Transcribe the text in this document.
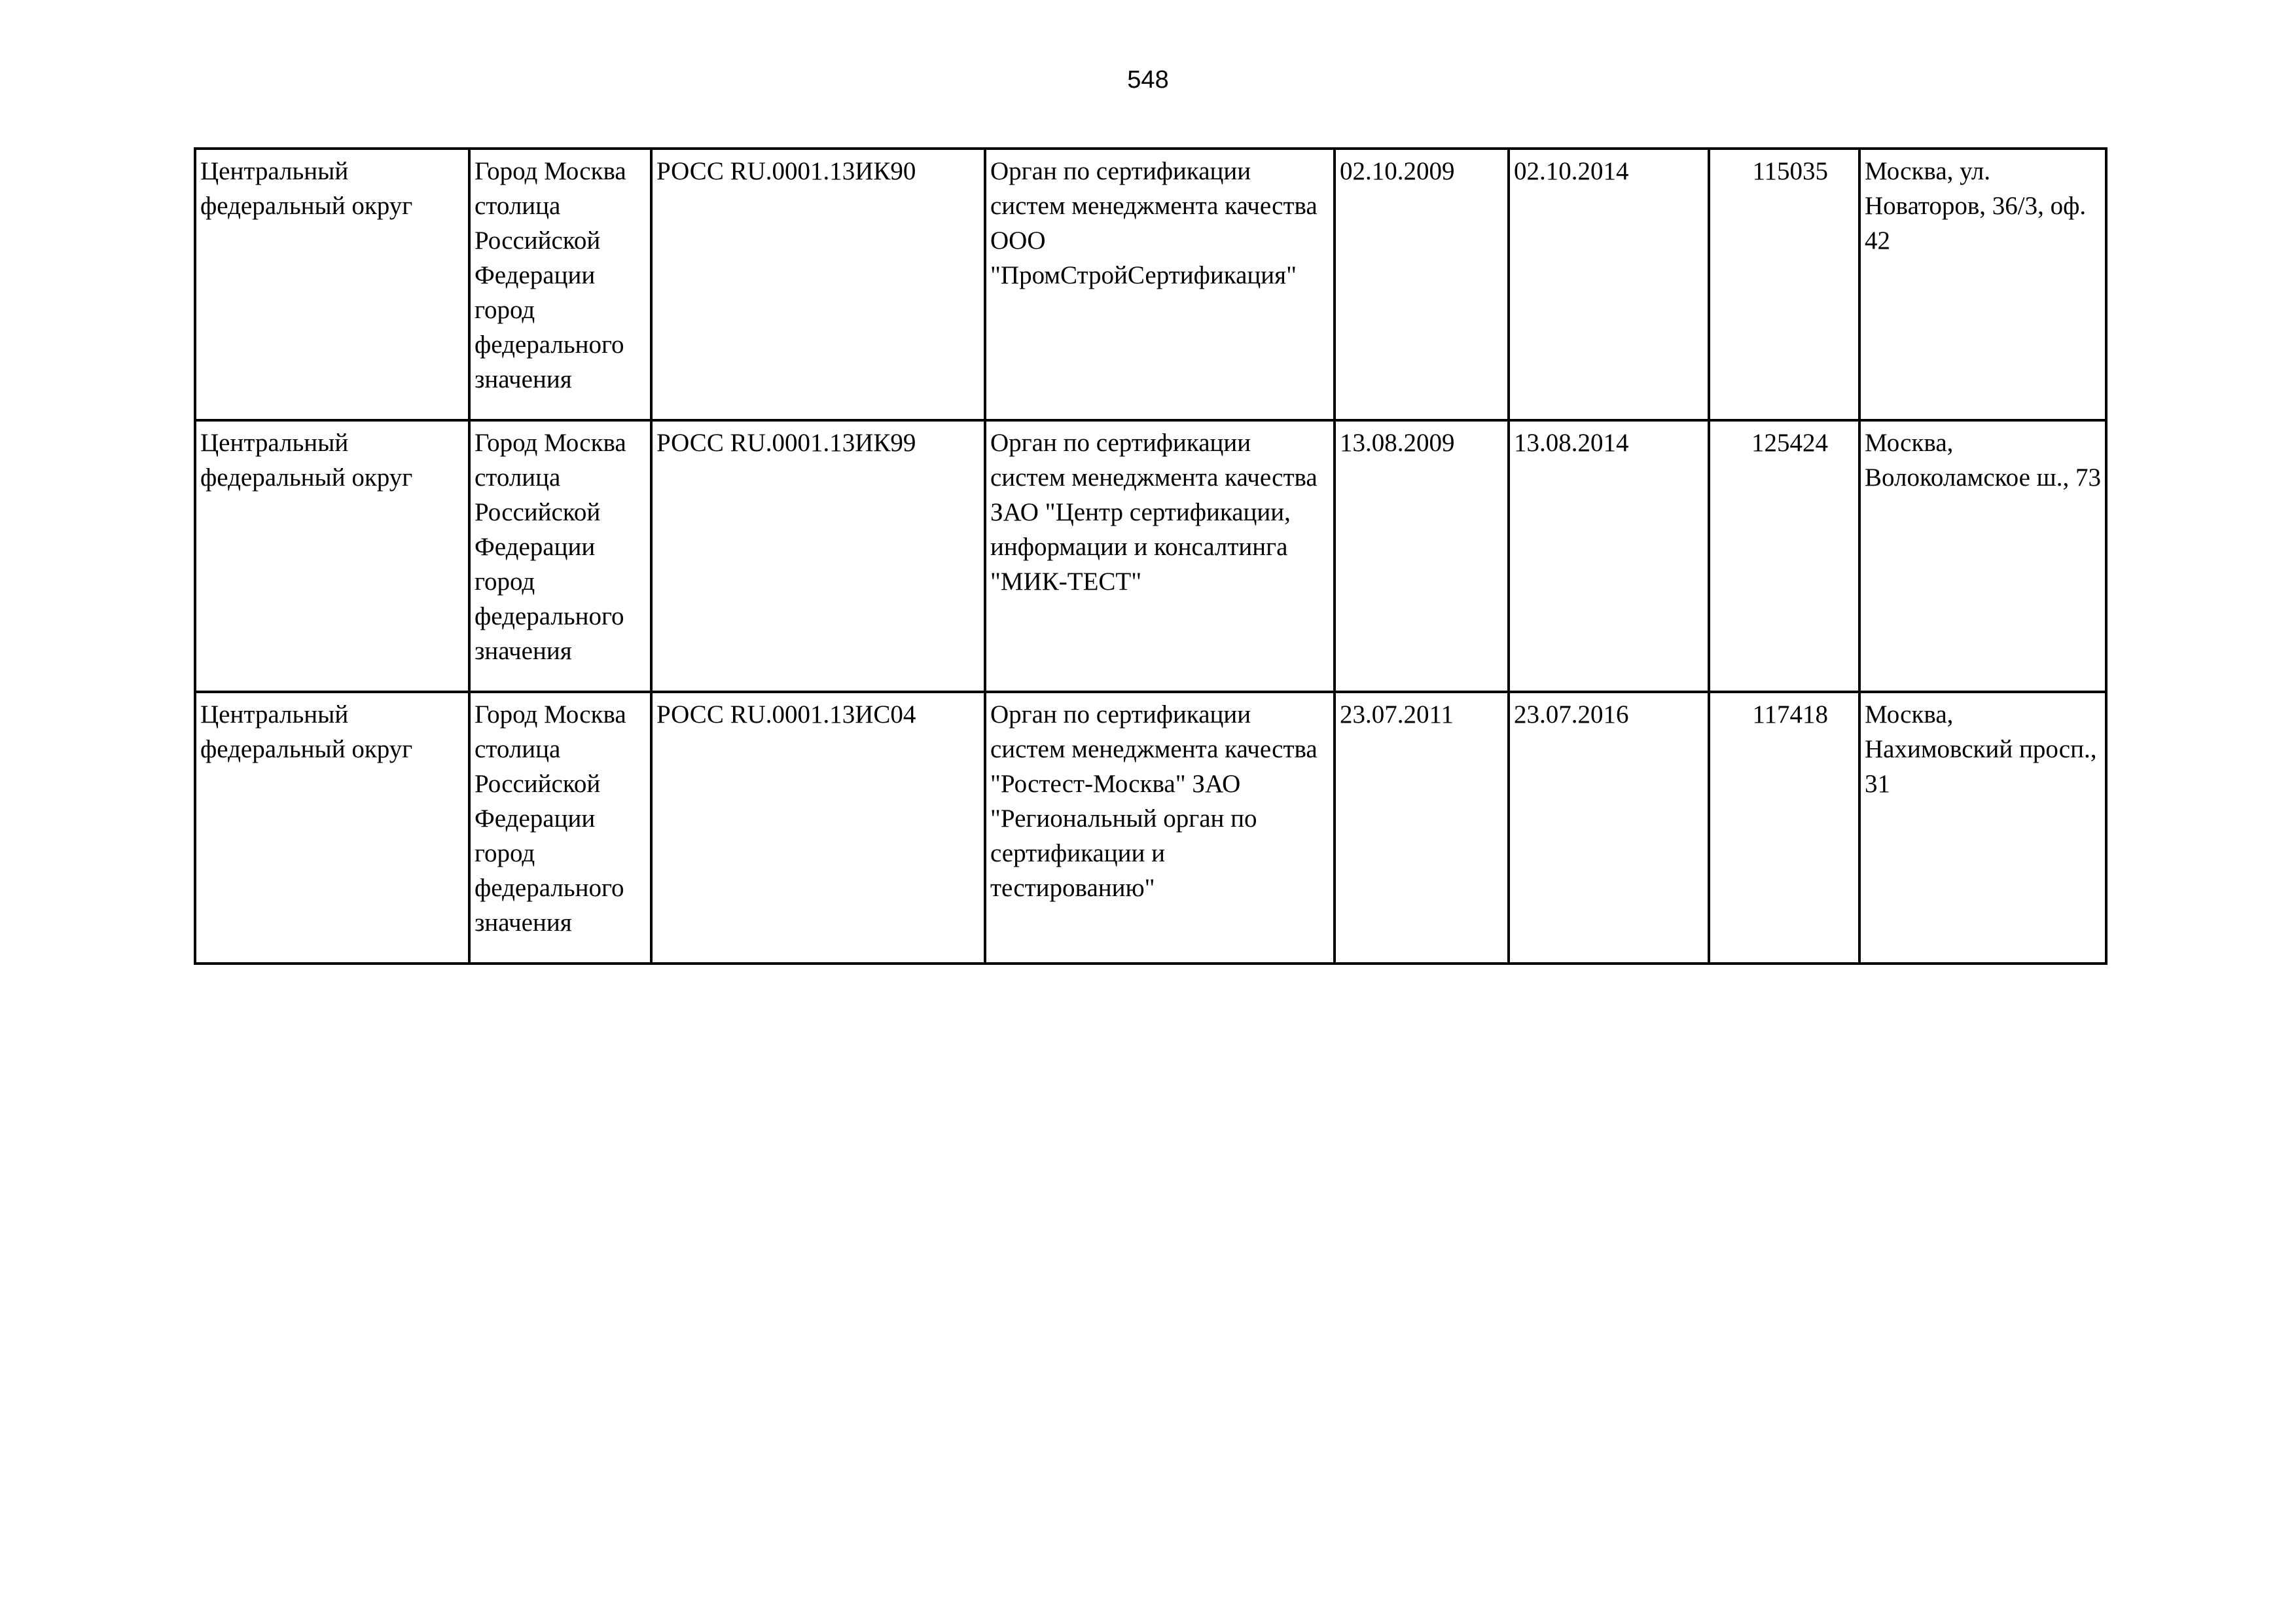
548
Центральный федеральный округ	Город Москва столица Российской Федерации город федерального значения	РОСС RU.0001.13ИК90	Орган по сертификации систем менеджмента качества ООО "ПромСтройСертификация"	02.10.2009	02.10.2014	115035	Москва, ул. Новаторов, 36/3, оф. 42

Центральный федеральный округ	Город Москва столица Российской Федерации город федерального значения	РОСС RU.0001.13ИК99	Орган по сертификации систем менеджмента качества ЗАО "Центр сертификации, информации и консалтинга "МИК-ТЕСТ"	13.08.2009	13.08.2014	125424	Москва, Волоколамское ш., 73

Центральный федеральный округ	Город Москва столица Российской Федерации город федерального значения	РОСС RU.0001.13ИС04	Орган по сертификации систем менеджмента качества "Ростест-Москва" ЗАО "Региональный орган по сертификации и тестированию"	23.07.2011	23.07.2016	117418	Москва, Нахимовский просп., 31
